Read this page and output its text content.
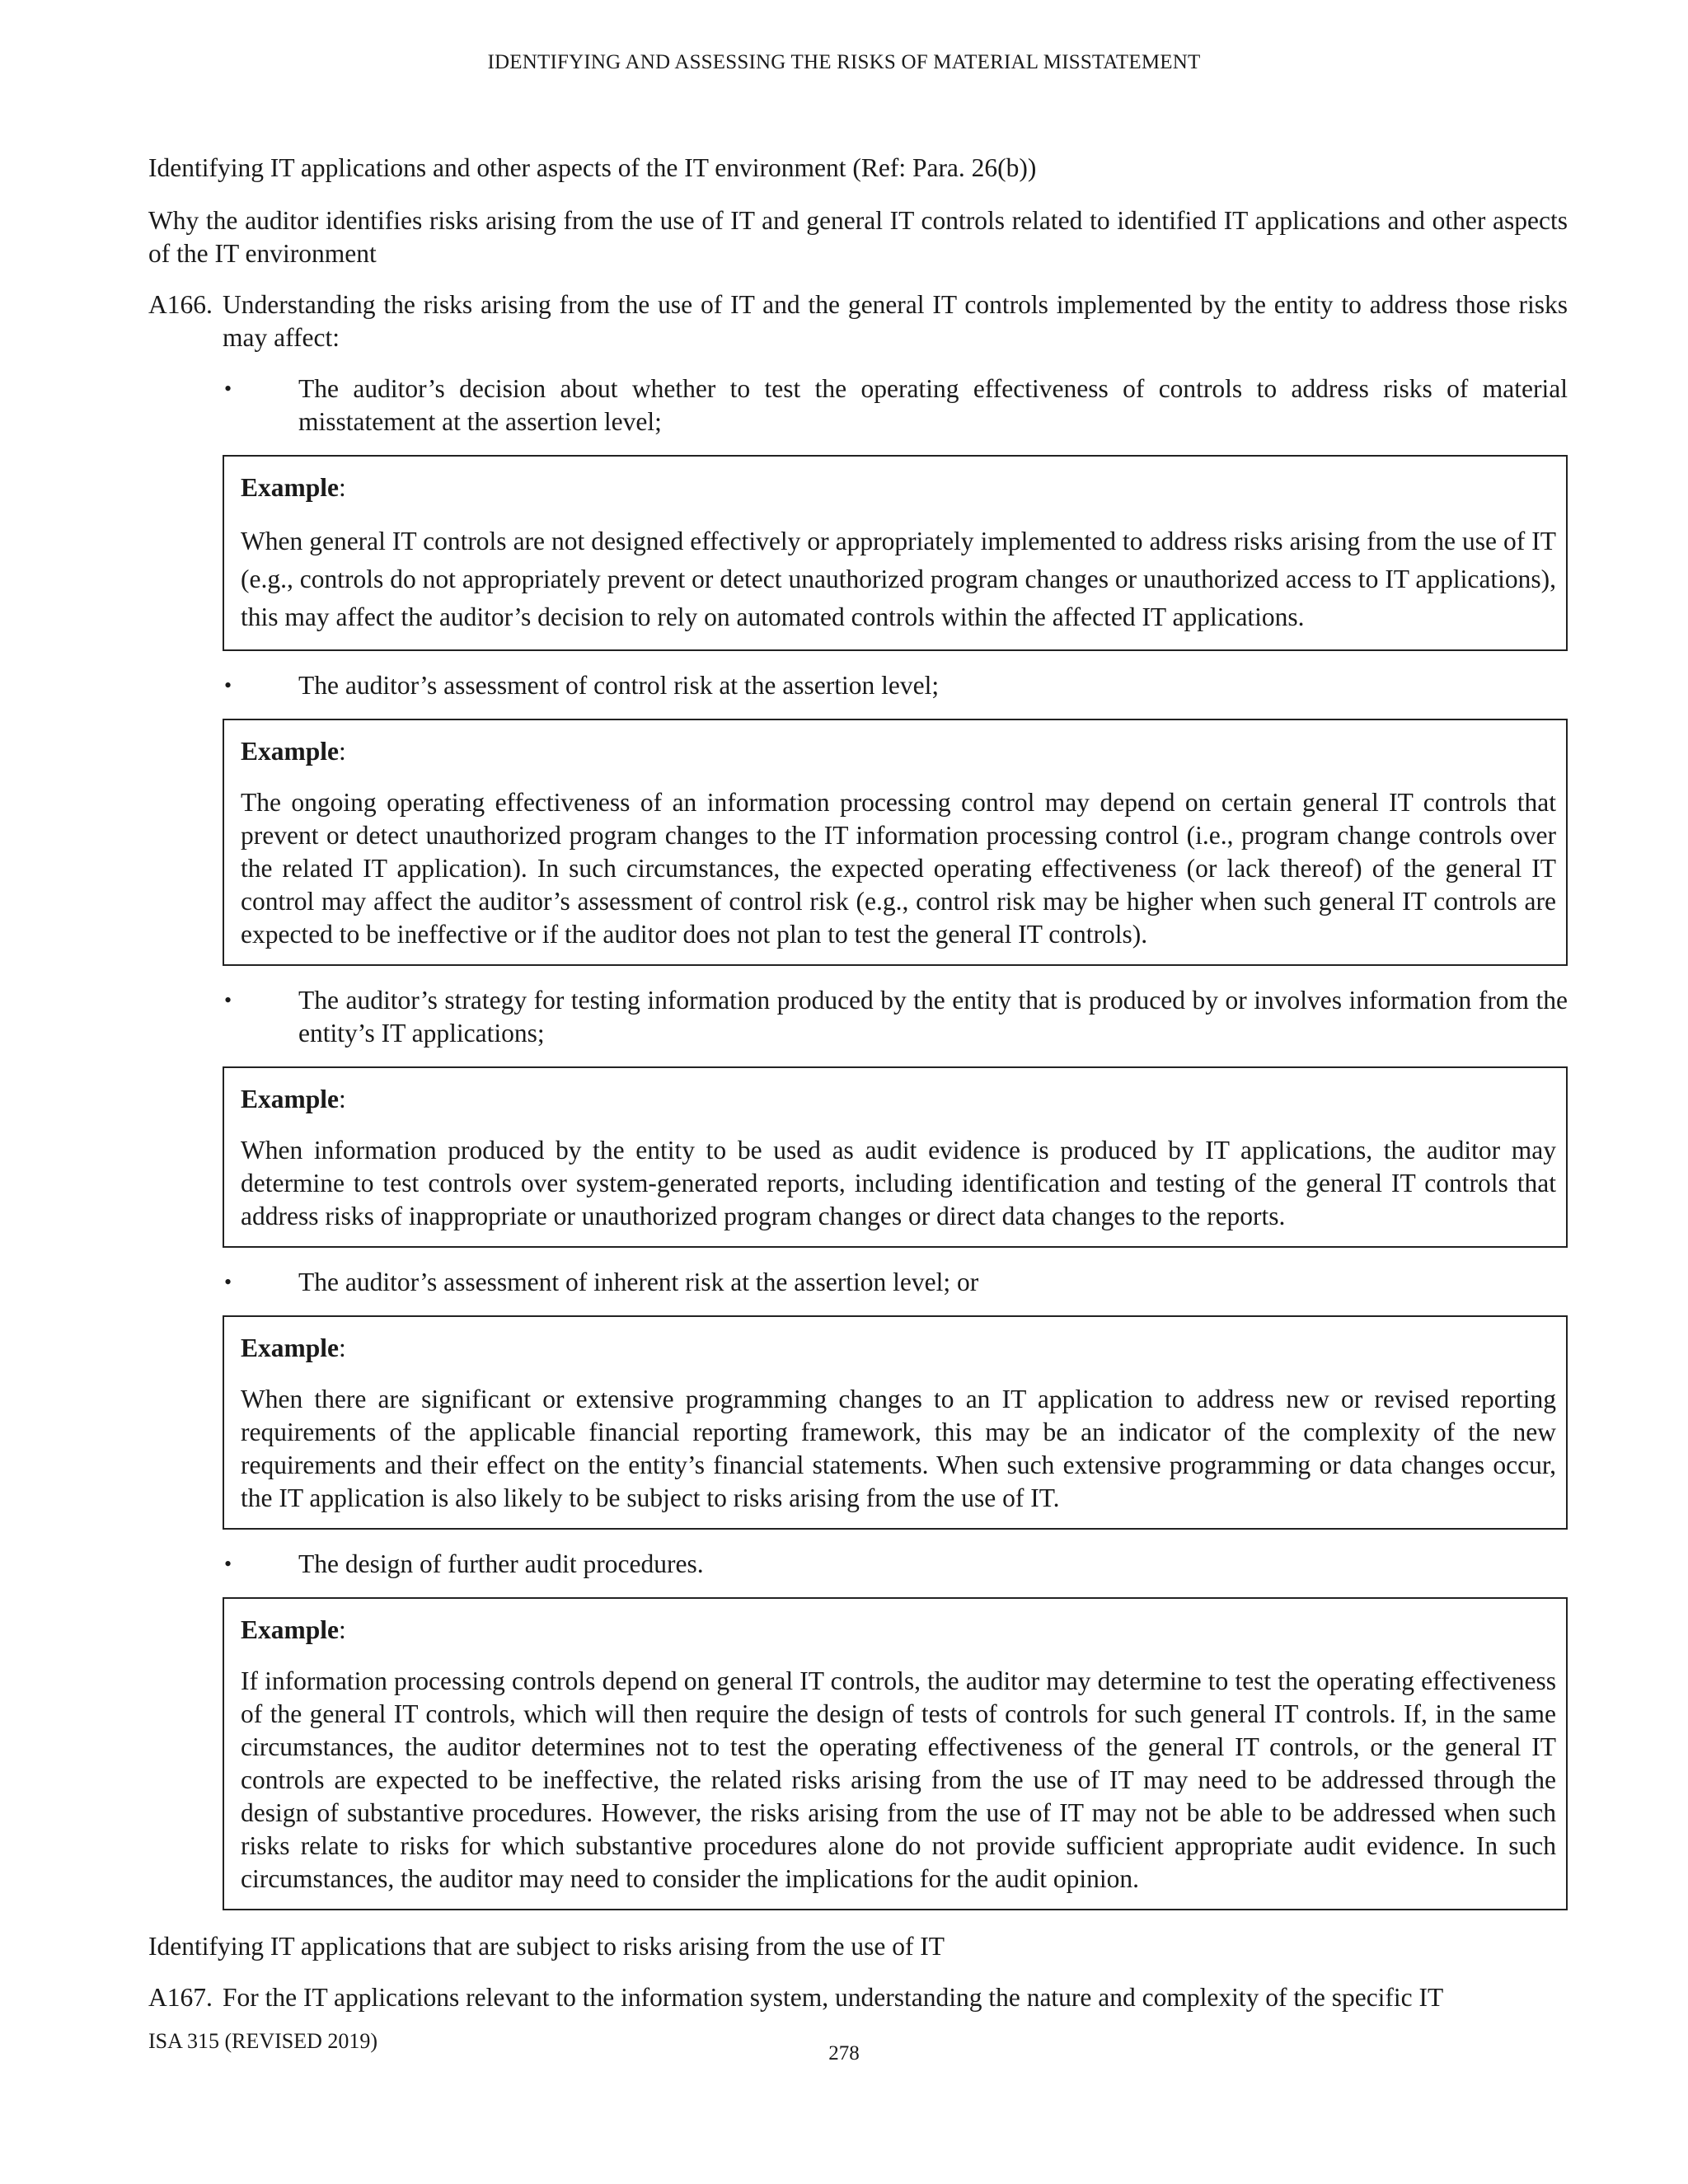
IDENTIFYING AND ASSESSING THE RISKS OF MATERIAL MISSTATEMENT

Identifying IT applications and other aspects of the IT environment (Ref: Para. 26(b))

Why the auditor identifies risks arising from the use of IT and general IT controls related to identified IT applications and other aspects of the IT environment

A166. Understanding the risks arising from the use of IT and the general IT controls implemented by the entity to address those risks may affect:
•	The auditor’s decision about whether to test the operating effectiveness of controls to address risks of material misstatement at the assertion level;
Example:
When general IT controls are not designed effectively or appropriately implemented to address risks arising from the use of IT (e.g., controls do not appropriately prevent or detect unauthorized program changes or unauthorized access to IT applications), this may affect the auditor’s decision to rely on automated controls within the affected IT applications.
•	The auditor’s assessment of control risk at the assertion level;
Example:
The ongoing operating effectiveness of an information processing control may depend on certain general IT controls that prevent or detect unauthorized program changes to the IT information processing control (i.e., program change controls over the related IT application). In such circumstances, the expected operating effectiveness (or lack thereof) of the general IT control may affect the auditor’s assessment of control risk (e.g., control risk may be higher when such general IT controls are expected to be ineffective or if the auditor does not plan to test the general IT controls).
•	The auditor’s strategy for testing information produced by the entity that is produced by or involves information from the entity’s IT applications;
Example:
When information produced by the entity to be used as audit evidence is produced by IT applications, the auditor may determine to test controls over system-generated reports, including identification and testing of the general IT controls that address risks of inappropriate or unauthorized program changes or direct data changes to the reports.
•	The auditor’s assessment of inherent risk at the assertion level; or
Example:
When there are significant or extensive programming changes to an IT application to address new or revised reporting requirements of the applicable financial reporting framework, this may be an indicator of the complexity of the new requirements and their effect on the entity’s financial statements. When such extensive programming or data changes occur, the IT application is also likely to be subject to risks arising from the use of IT.
•	The design of further audit procedures.
Example:
If information processing controls depend on general IT controls, the auditor may determine to test the operating effectiveness of the general IT controls, which will then require the design of tests of controls for such general IT controls. If, in the same circumstances, the auditor determines not to test the operating effectiveness of the general IT controls, or the general IT controls are expected to be ineffective, the related risks arising from the use of IT may need to be addressed through the design of substantive procedures. However, the risks arising from the use of IT may not be able to be addressed when such risks relate to risks for which substantive procedures alone do not provide sufficient appropriate audit evidence. In such circumstances, the auditor may need to consider the implications for the audit opinion.

Identifying IT applications that are subject to risks arising from the use of IT

A167. For the IT applications relevant to the information system, understanding the nature and complexity of the specific IT
ISA 315 (REVISED 2019)
278
